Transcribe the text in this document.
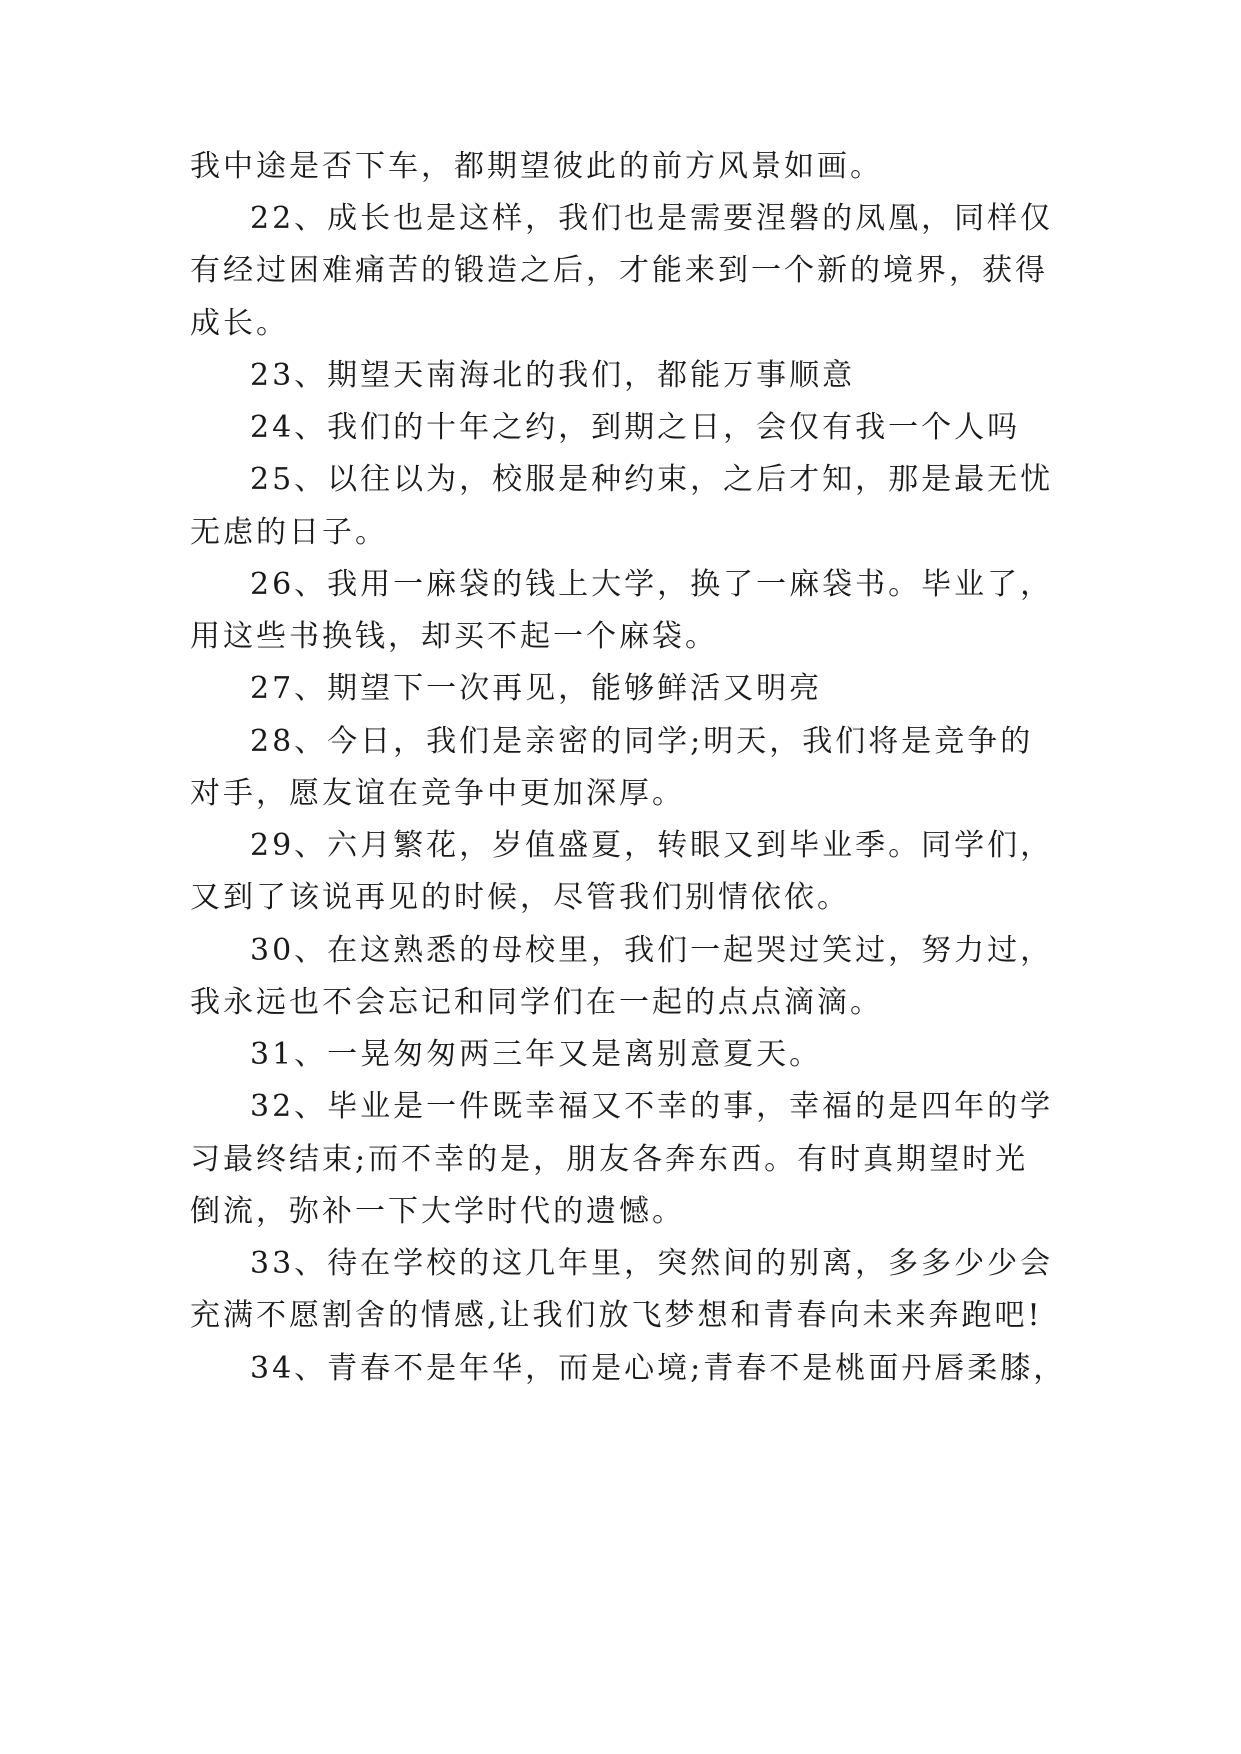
我中途是否下车，都期望彼此的前方风景如画。
22、成长也是这样，我们也是需要涅磐的凤凰，同样仅
有经过困难痛苦的锻造之后，才能来到一个新的境界，获得
成长。
23、期望天南海北的我们，都能万事顺意
24、我们的十年之约，到期之日，会仅有我一个人吗
25、以往以为，校服是种约束，之后才知，那是最无忧
无虑的日子。
26、我用一麻袋的钱上大学，换了一麻袋书。毕业了，
用这些书换钱，却买不起一个麻袋。
27、期望下一次再见，能够鲜活又明亮
28、今日，我们是亲密的同学;明天，我们将是竞争的
对手，愿友谊在竞争中更加深厚。
29、六月繁花，岁值盛夏，转眼又到毕业季。同学们，
又到了该说再见的时候，尽管我们别情依依。
30、在这熟悉的母校里，我们一起哭过笑过，努力过，
我永远也不会忘记和同学们在一起的点点滴滴。
31、一晃匆匆两三年又是离别意夏天。
32、毕业是一件既幸福又不幸的事，幸福的是四年的学
习最终结束;而不幸的是，朋友各奔东西。有时真期望时光
倒流，弥补一下大学时代的遗憾。
33、待在学校的这几年里，突然间的别离，多多少少会
充满不愿割舍的情感,让我们放飞梦想和青春向未来奔跑吧!
34、青春不是年华，而是心境;青春不是桃面丹唇柔膝，
